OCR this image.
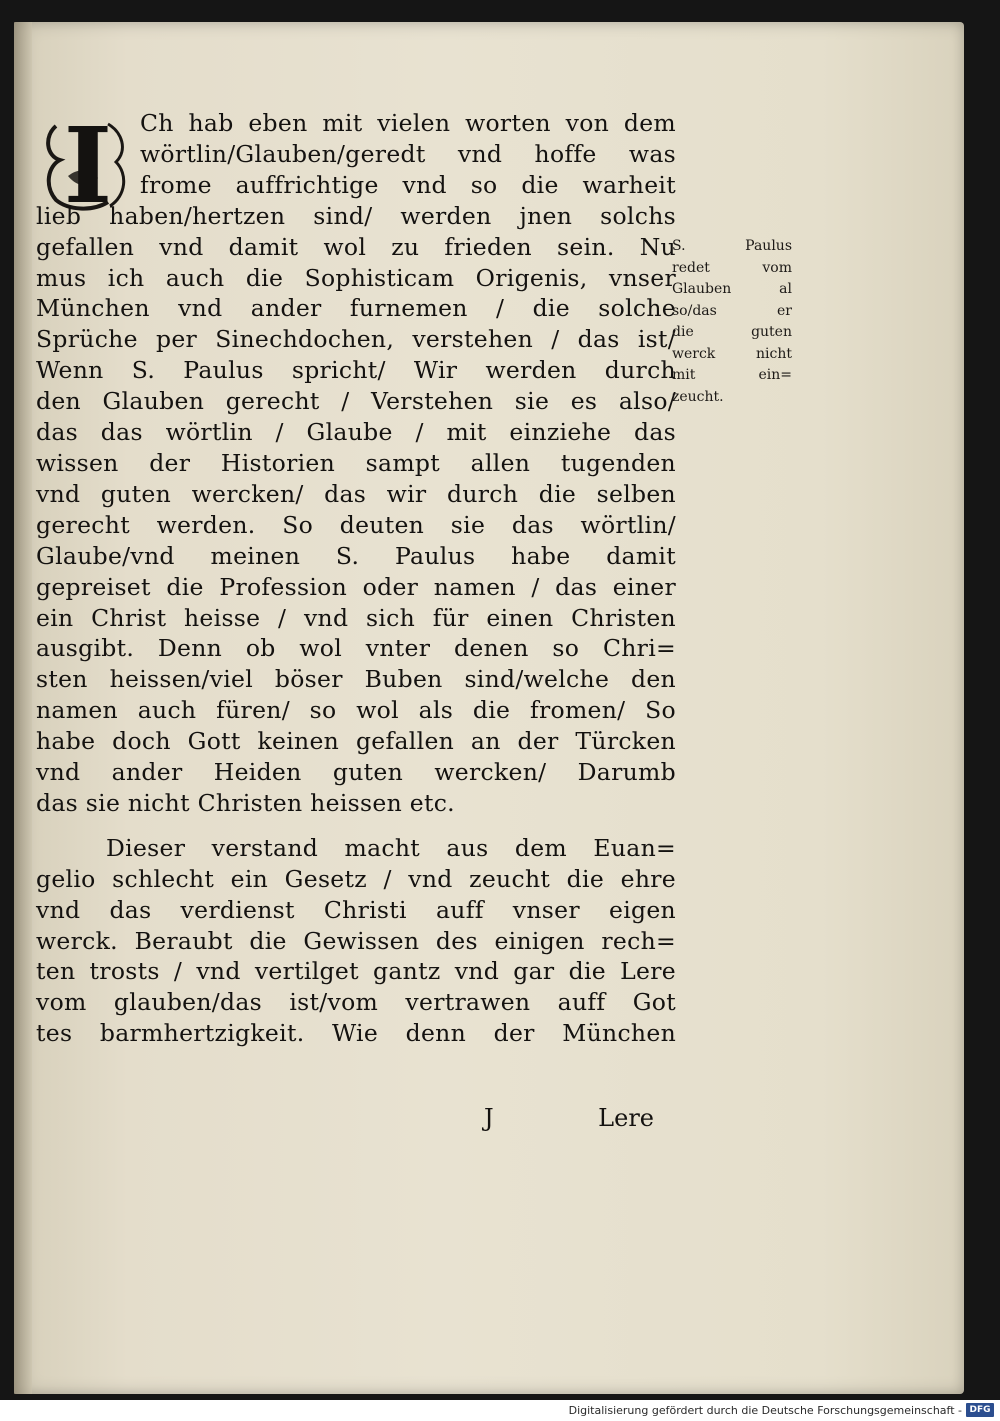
I	Ch hab eben mit vielen worten von dem
wörtlin/Glauben/geredt vnd hoffe was
frome auffrichtige vnd so die warheit
lieb haben/hertzen sind/ werden jnen solchs
gefallen vnd damit wol zu frieden sein. Nu
mus ich auch die Sophisticam Origenis, vnser
München vnd ander furnemen / die solche
Sprüche per Sinechdochen, verstehen / das ist/
Wenn S. Paulus spricht/ Wir werden durch
den Glauben gerecht / Verstehen sie es also/
das das wörtlin / Glaube / mit einziehe das
wissen der Historien sampt allen tugenden
vnd guten wercken/ das wir durch die selben
gerecht werden. So deuten sie das wörtlin/
Glaube/vnd meinen S. Paulus habe damit
gepreiset die Profession oder namen / das einer
ein Christ heisse / vnd sich für einen Christen
ausgibt. Denn ob wol vnter denen so Chri=
sten heissen/viel böser Buben sind/welche den
namen auch füren/ so wol als die fromen/ So
habe doch Gott keinen gefallen an der Türcken
vnd ander Heiden guten wercken/ Darumb
das sie nicht Christen heissen etc.

Dieser verstand macht aus dem Euan=
gelio schlecht ein Gesetz / vnd zeucht die ehre
vnd das verdienst Christi auff vnser eigen
werck. Beraubt die Gewissen des einigen rech=
ten trosts / vnd vertilget gantz vnd gar die Lere
vom glauben/das ist/vom vertrawen auff Got
tes barmhertzigkeit. Wie denn der München

S. Paulus
redet vom
Glauben al
so/das er
die guten
werck nicht
mit ein=
zeucht.
J	Lere
Digitalisierung gefördert durch die Deutsche Forschungsgemeinschaft - DFG
